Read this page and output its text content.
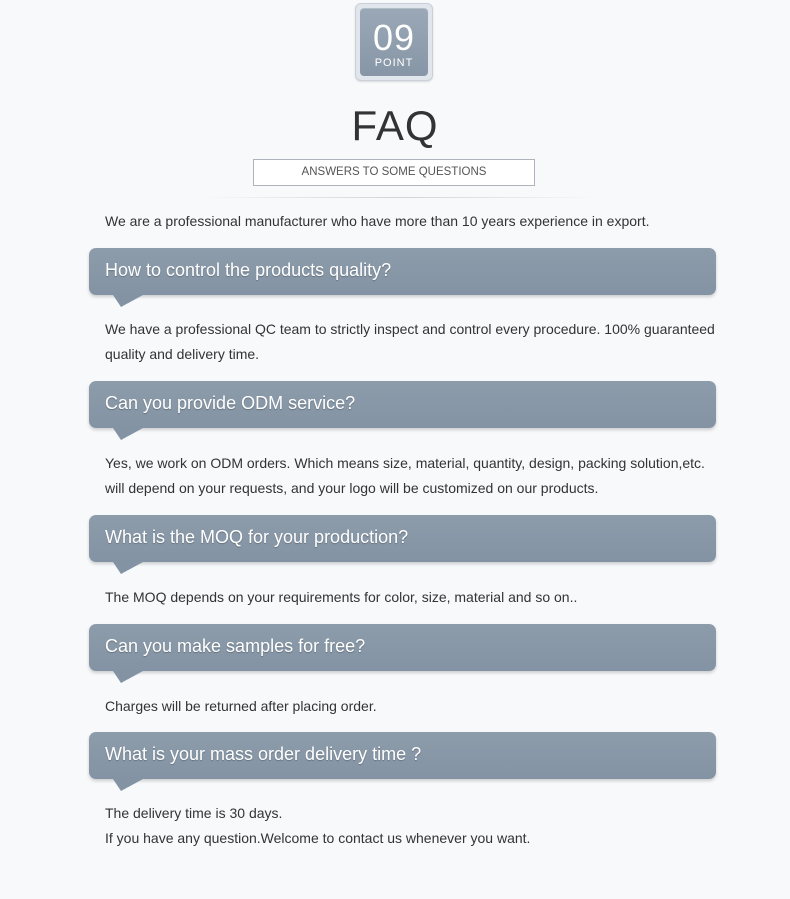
09
POINT
FAQ
ANSWERS TO SOME QUESTIONS
We are a professional manufacturer who have more than 10 years experience in export.
How to control the products quality?
We have a professional QC team to strictly inspect and control every procedure. 100% guaranteed
quality and delivery time.
Can you provide ODM service?
Yes, we work on ODM orders. Which means size, material, quantity, design, packing solution,etc.
will depend on your requests, and your logo will be customized on our products.
What is the MOQ for your production?
The MOQ depends on your requirements for color, size, material and so on..
Can you make samples for free?
Charges will be returned after placing order.
What is your mass order delivery time ?
The delivery time is 30 days.
If you have any question.Welcome to contact us whenever you want.
